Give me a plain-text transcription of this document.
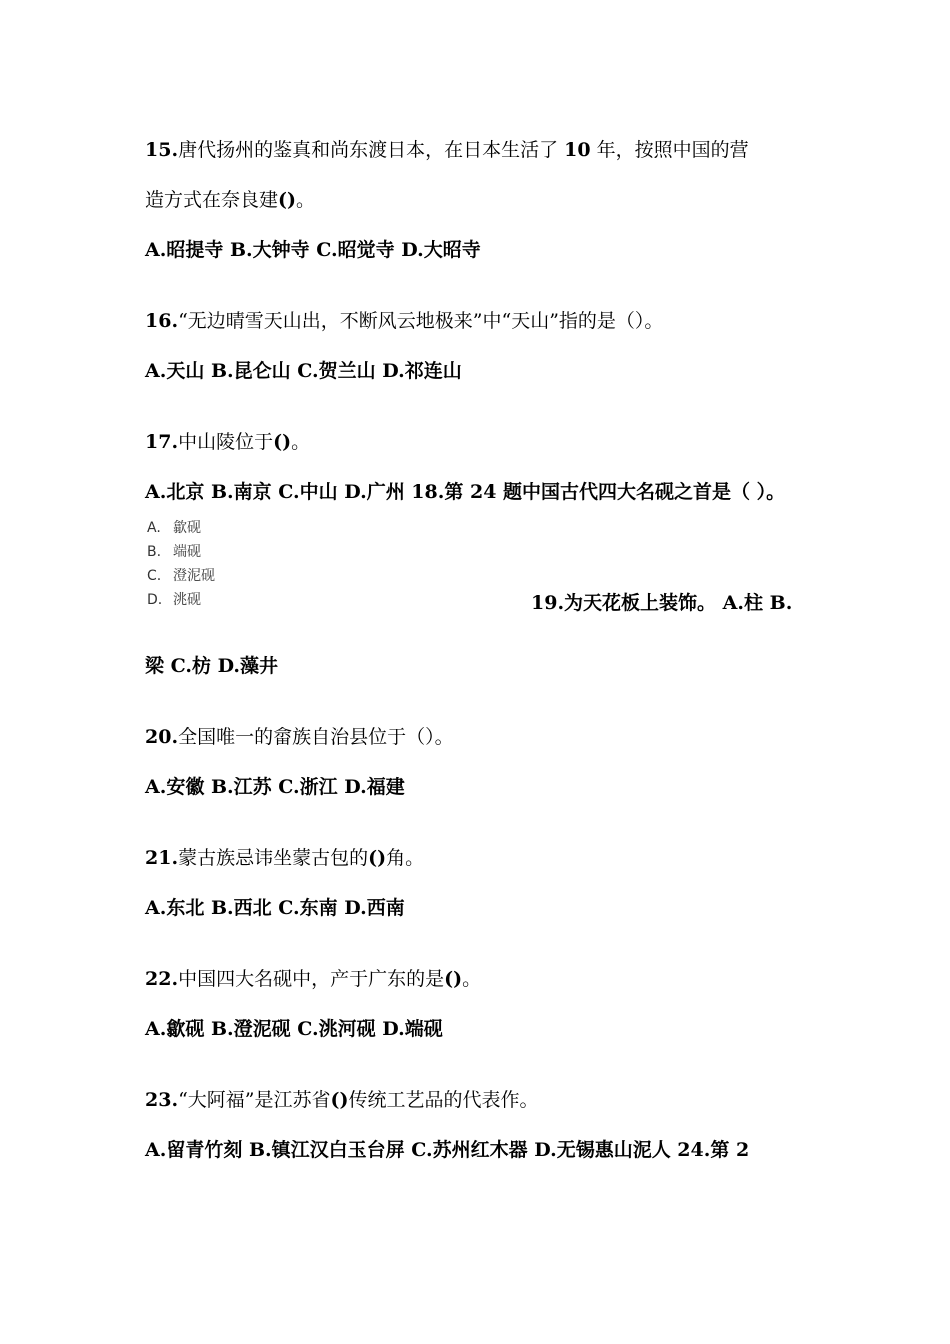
15.唐代扬州的鉴真和尚东渡日本，在日本生活了 10 年，按照中国的营
造方式在奈良建()。
A.昭提寺 B.大钟寺 C.昭觉寺 D.大昭寺
16.“无边晴雪天山出，不断风云地极来”中“天山”指的是（）。
A.天山 B.昆仑山 C.贺兰山 D.祁连山
17.中山陵位于()。
A.北京 B.南京 C.中山 D.广州 18.第 24 题中国古代四大名砚之首是（ ）。
A. 歙砚
B. 端砚
C. 澄泥砚
D. 洮砚	19.为天花板上装饰。 A.柱 B.
梁 C.枋 D.藻井
20.全国唯一的畲族自治县位于（）。
A.安徽 B.江苏 C.浙江 D.福建
21.蒙古族忌讳坐蒙古包的()角。
A.东北 B.西北 C.东南 D.西南
22.中国四大名砚中，产于广东的是()。
A.歙砚 B.澄泥砚 C.洮河砚 D.端砚
23.“大阿福”是江苏省()传统工艺品的代表作。
A.留青竹刻 B.镇江汉白玉台屏 C.苏州红木器 D.无锡惠山泥人 24.第 2
